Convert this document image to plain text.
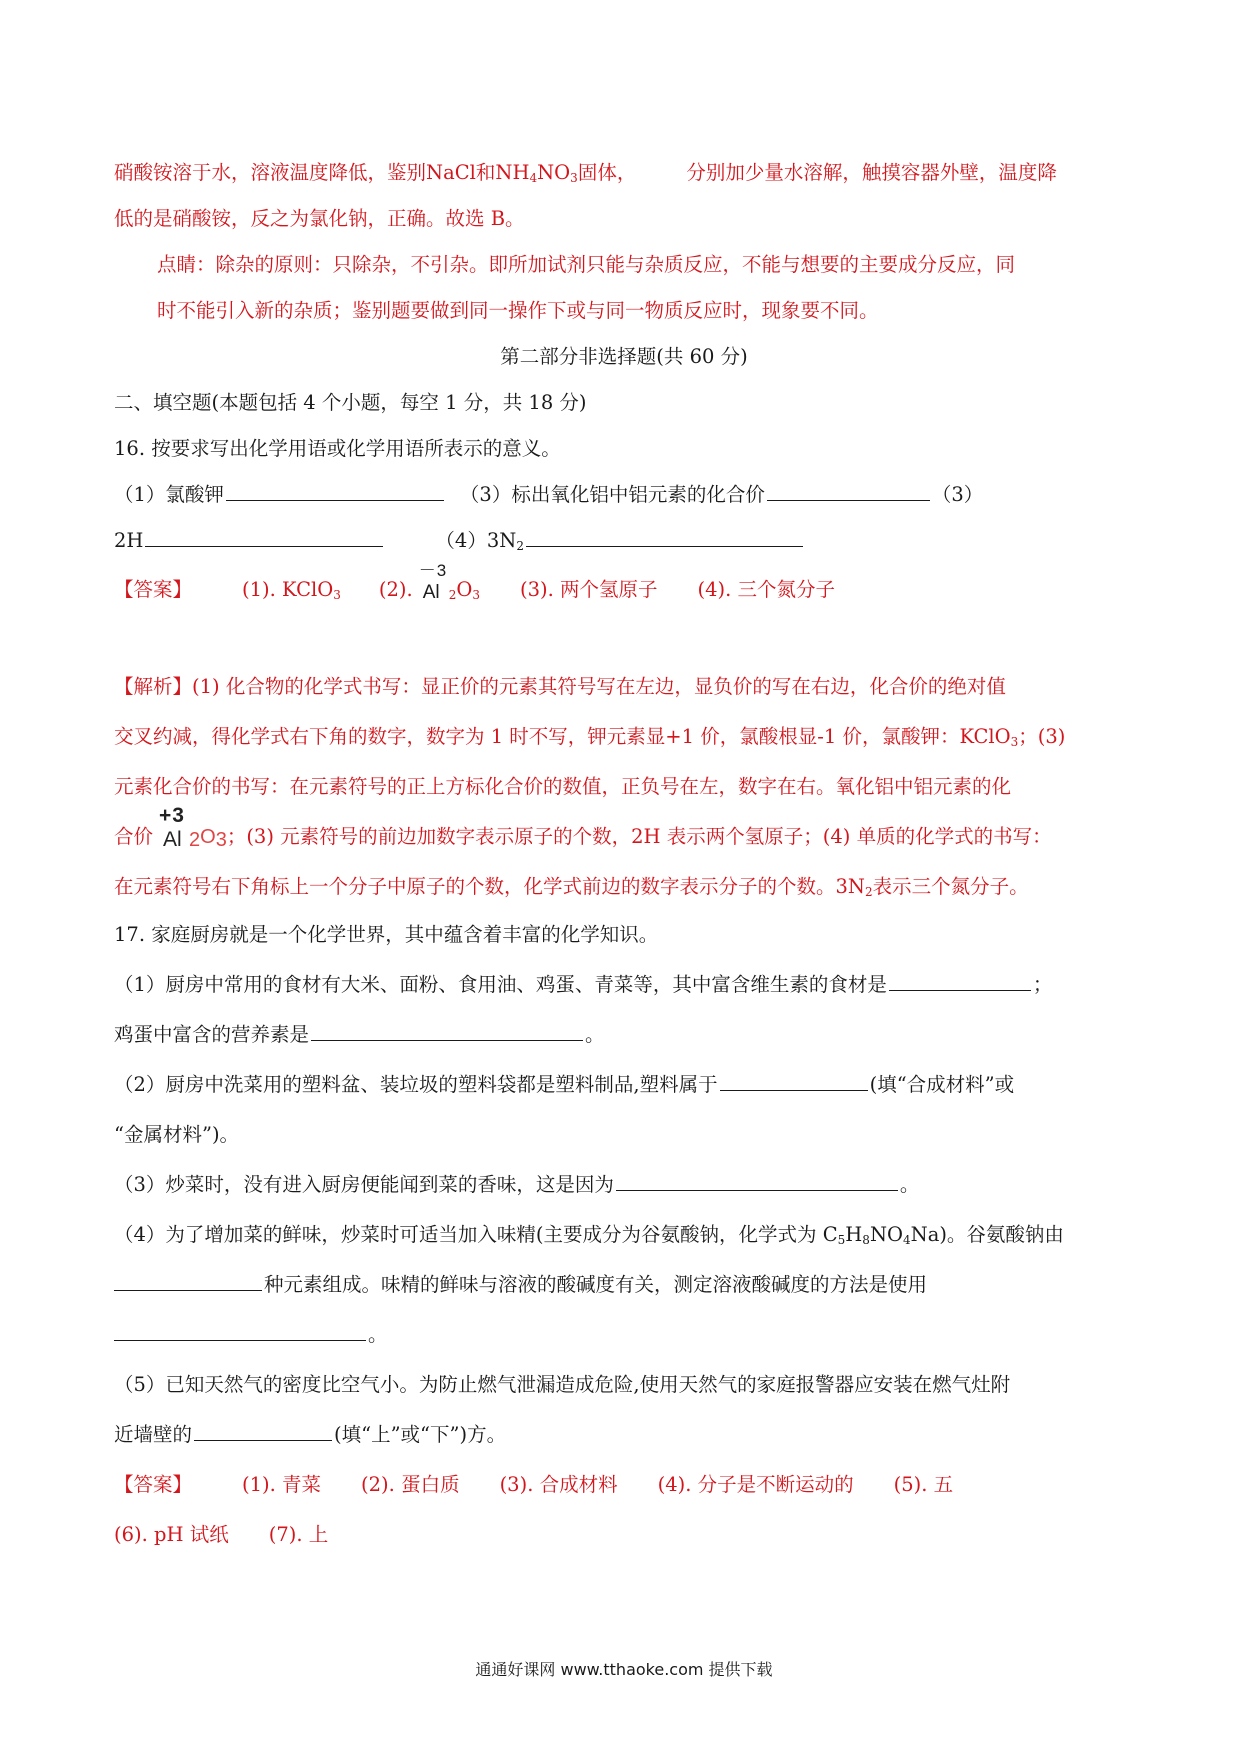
硝酸铵溶于水，溶液温度降低，鉴别NaCl和$NH_4NO_3$固体，	分别加少量水溶解，触摸容器外壁，温度降
低的是硝酸铵，反之为氯化钠，正确。故选 B。
点睛：除杂的原则：只除杂，不引杂。即所加试剂只能与杂质反应，不能与想要的主要成分反应，同
时不能引入新的杂质；鉴别题要做到同一操作下或与同一物质反应时，现象要不同。
第二部分非选择题(共 60 分)
二、填空题(本题包括 4 个小题，每空 1 分，共 18 分)
16. 按要求写出化学用语或化学用语所表示的意义。
（1）氯酸钾	（3）标出氧化铝中铝元素的化合价	（3）
2H	$(4)3N_2$
【答案】	(1). KClO$_3$ (2).
－3
Al $_2O_3$ (3). 两个氢原子 (4). 三个氮分子
【解析】(1) 化合物的化学式书写：显正价的元素其符号写在左边，显负价的写在右边，化合价的绝对值
交叉约减，得化学式右下角的数字，数字为 1 时不写，钾元素显+1 价，氯酸根显-1 价，氯酸钾：KClO$_3$；(3)
元素化合价的书写：在元素符号的正上方标化合价的数值，正负号在左，数字在右。氧化铝中铝元素的化
合价
+3
Al $_2O_3$；(3) 元素符号的前边加数字表示原子的个数，2H 表示两个氢原子；(4) 单质的化学式的书写：
在元素符号右下角标上一个分子中原子的个数，化学式前边的数字表示分子的个数。$3N_2$表示三个氮分子。
17. 家庭厨房就是一个化学世界，其中蕴含着丰富的化学知识。
（1）厨房中常用的食材有大米、面粉、食用油、鸡蛋、青菜等，其中富含维生素的食材是	；
鸡蛋中富含的营养素是	。
（2）厨房中洗菜用的塑料盆、装垃圾的塑料袋都是塑料制品,塑料属于	(填“合成材料”或
“金属材料”)。
（3）炒菜时，没有进入厨房便能闻到菜的香味，这是因为	。
（4）为了增加菜的鲜味，炒菜时可适当加入味精(主要成分为谷氨酸钠，化学式为 $C_5H_8NO_4Na$)。谷氨酸钠由
种元素组成。味精的鲜味与溶液的酸碱度有关，测定溶液酸碱度的方法是使用
。
（5）已知天然气的密度比空气小。为防止燃气泄漏造成危险,使用天然气的家庭报警器应安装在燃气灶附
近墙壁的	(填“上”或“下”)方。
【答案】	(1). 青菜 (2). 蛋白质 (3). 合成材料 (4). 分子是不断运动的 (5). 五
(6). pH 试纸 (7). 上
通通好课网 www.tthaoke.com 提供下载
